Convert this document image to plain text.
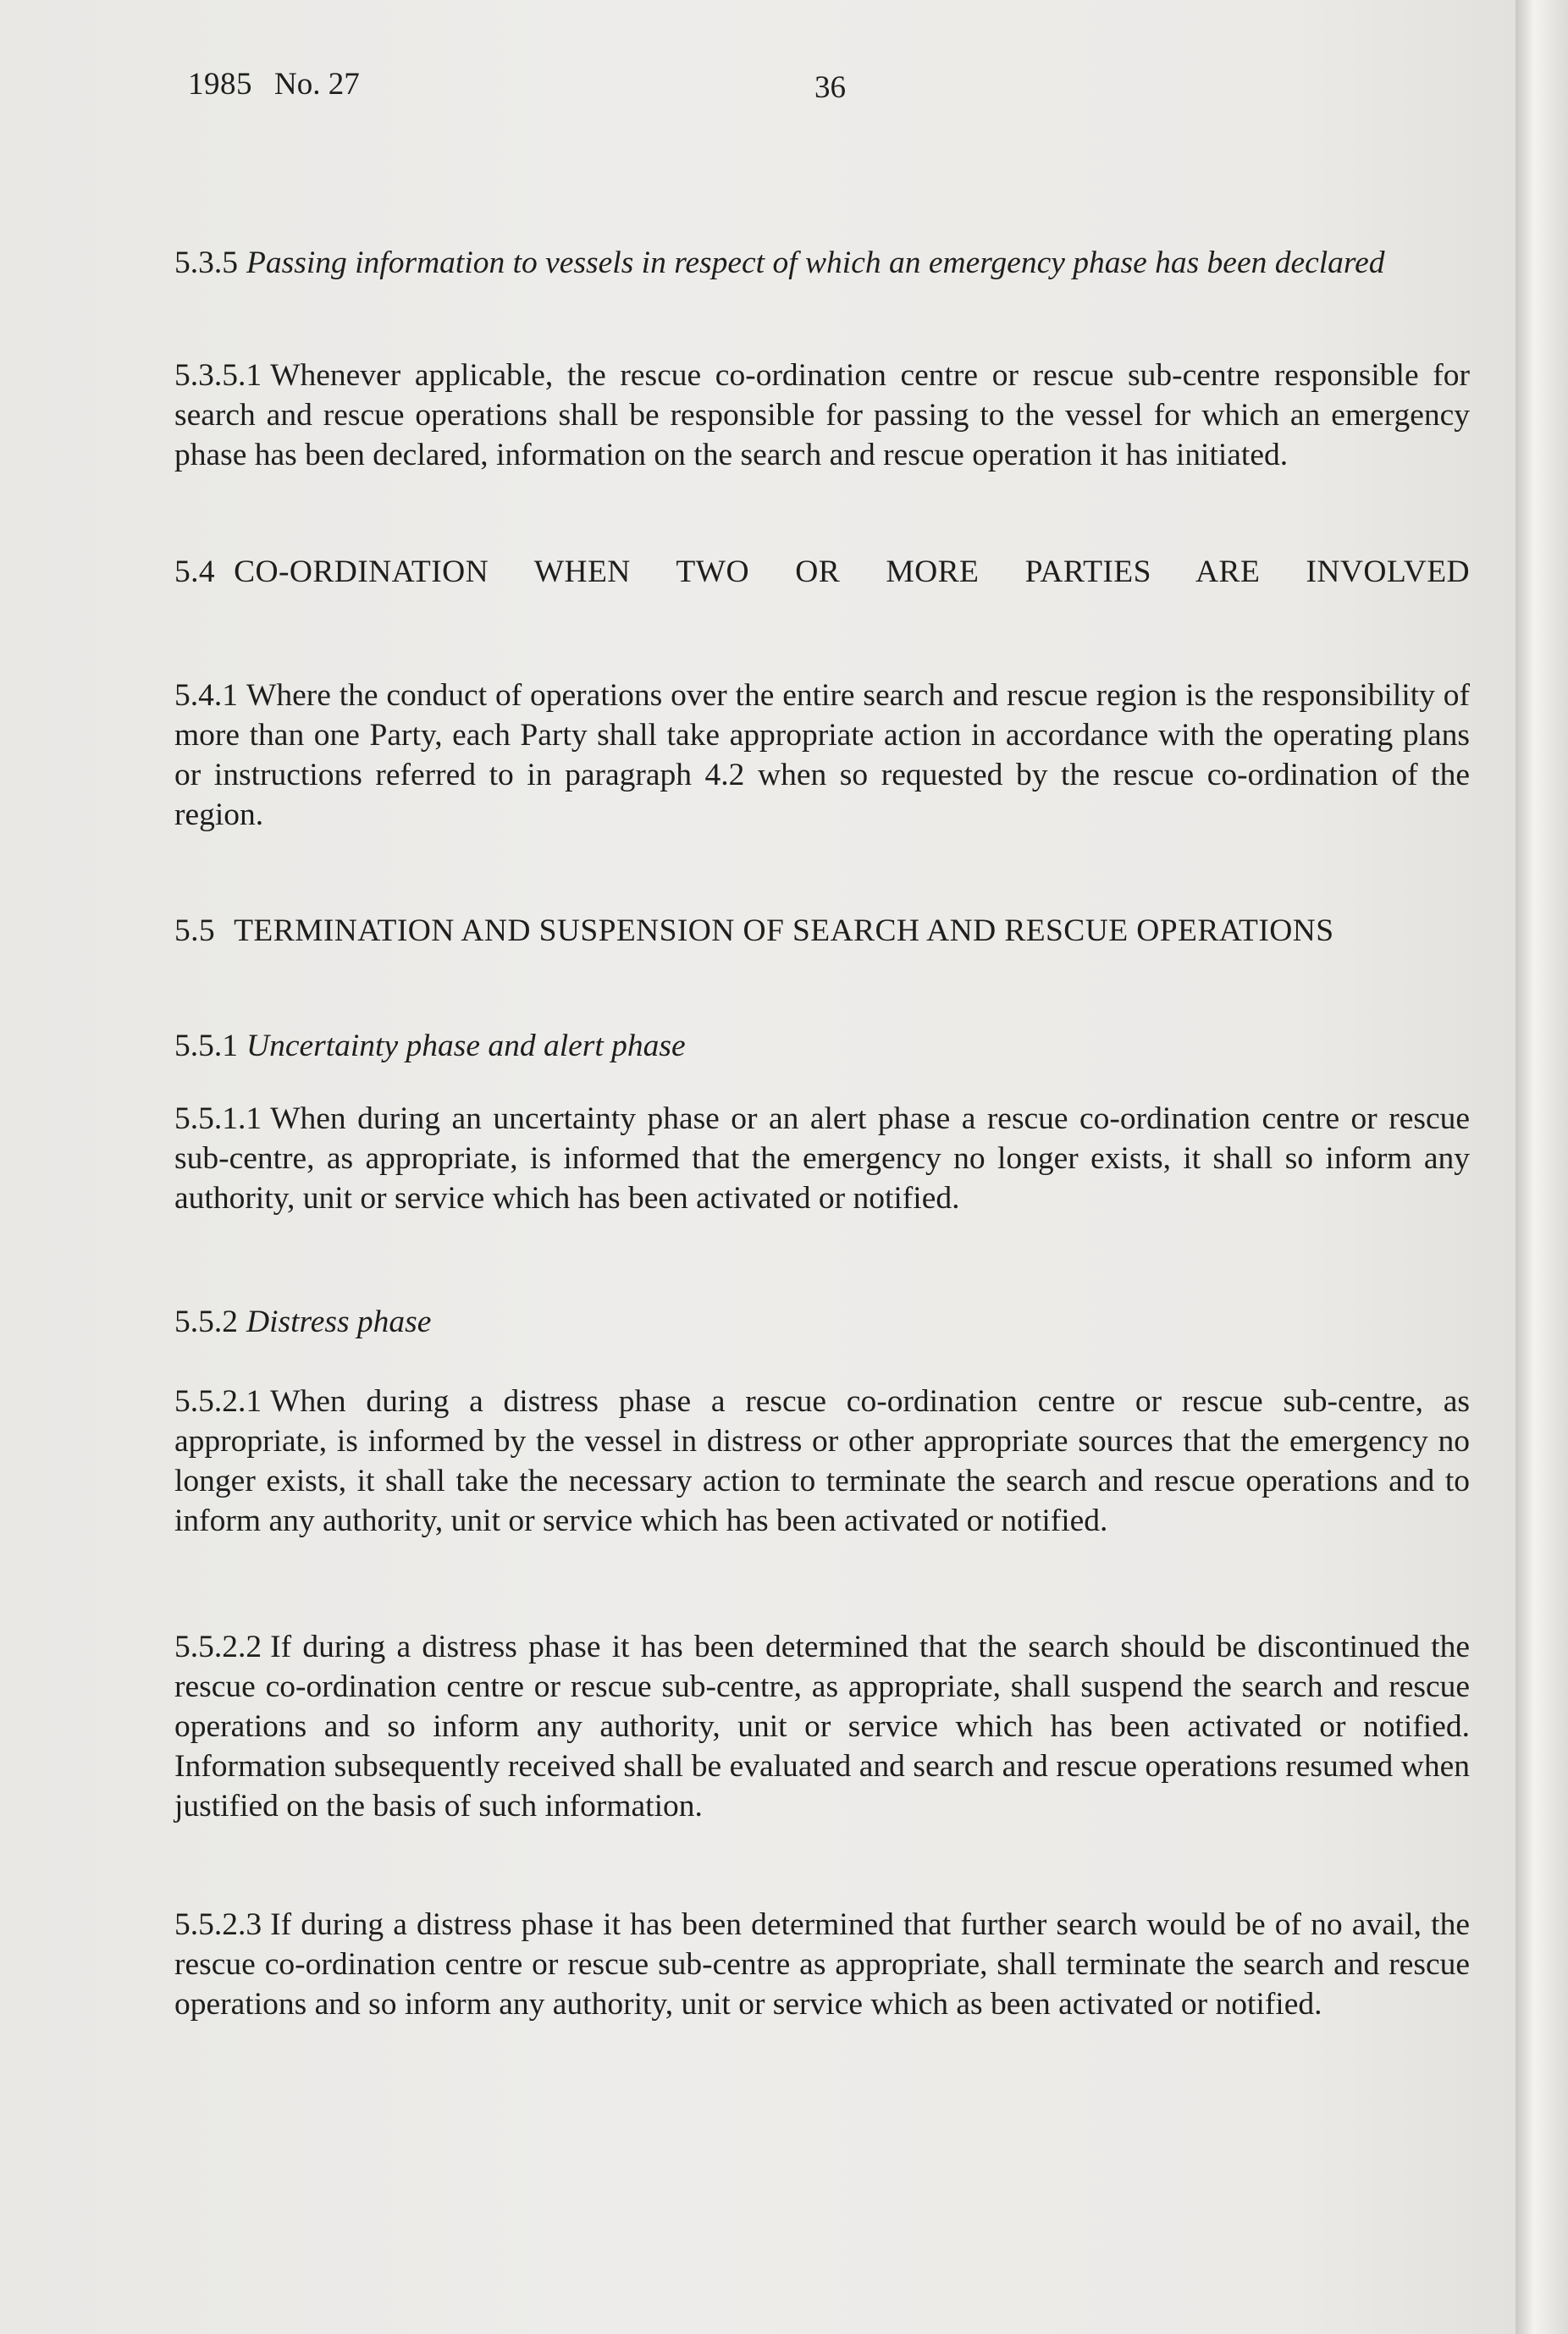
1985 No. 27	36
5.3.5 Passing information to vessels in respect of which an emergency phase has been declared
5.3.5.1 Whenever applicable, the rescue co-ordination centre or rescue sub-centre responsible for search and rescue operations shall be responsible for passing to the vessel for which an emergency phase has been declared, information on the search and rescue operation it has initiated.
5.4 CO-ORDINATION WHEN TWO OR MORE PARTIES ARE INVOLVED
5.4.1 Where the conduct of operations over the entire search and rescue region is the responsibility of more than one Party, each Party shall take appropriate action in accordance with the operating plans or instructions referred to in paragraph 4.2 when so requested by the rescue co-ordination of the region.
5.5 TERMINATION AND SUSPENSION OF SEARCH AND RESCUE OPERATIONS
5.5.1 Uncertainty phase and alert phase
5.5.1.1 When during an uncertainty phase or an alert phase a rescue co-ordination centre or rescue sub-centre, as appropriate, is informed that the emergency no longer exists, it shall so inform any authority, unit or service which has been activated or notified.
5.5.2 Distress phase
5.5.2.1 When during a distress phase a rescue co-ordination centre or rescue sub-centre, as appropriate, is informed by the vessel in distress or other appropriate sources that the emergency no longer exists, it shall take the necessary action to terminate the search and rescue operations and to inform any authority, unit or service which has been activated or notified.
5.5.2.2 If during a distress phase it has been determined that the search should be discontinued the rescue co-ordination centre or rescue sub-centre, as appropriate, shall suspend the search and rescue operations and so inform any authority, unit or service which has been activated or notified. Information subsequently received shall be evaluated and search and rescue operations resumed when justified on the basis of such information.
5.5.2.3 If during a distress phase it has been determined that further search would be of no avail, the rescue co-ordination centre or rescue sub-centre as appropriate, shall terminate the search and rescue operations and so inform any authority, unit or service which as been activated or notified.
